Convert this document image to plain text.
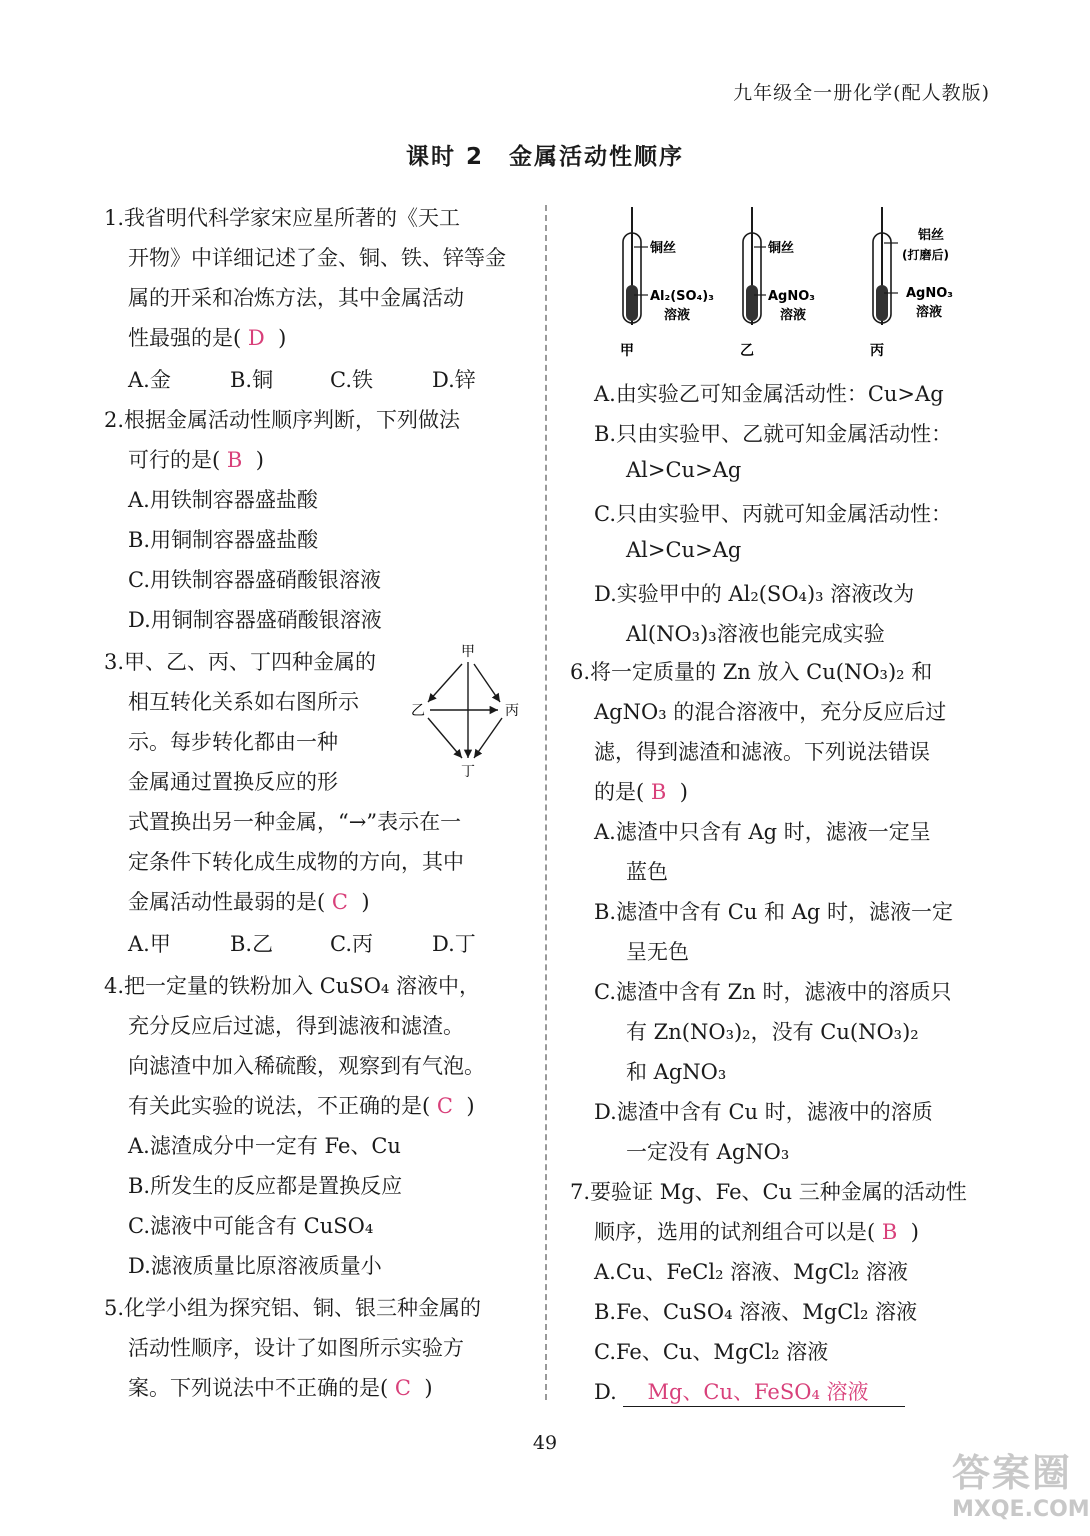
九年级全一册化学(配人教版)
课时 2　金属活动性顺序
1.我省明代科学家宋应星所著的《天工
开物》中详细记述了金、铜、铁、锌等金
属的开采和冶炼方法，其中金属活动
性最强的是( D )
A.金	B.铜	C.铁	D.锌
2.根据金属活动性顺序判断，下列做法
可行的是( B )
A.用铁制容器盛盐酸
B.用铜制容器盛盐酸
C.用铁制容器盛硝酸银溶液
D.用铜制容器盛硝酸银溶液
3.甲、乙、丙、丁四种金属的
相互转化关系如右图所示
示。每步转化都由一种
金属通过置换反应的形
式置换出另一种金属，“→”表示在一
定条件下转化成生成物的方向，其中
金属活动性最弱的是( C )
A.甲	B.乙	C.丙	D.丁
甲
乙	丙
丁
4.把一定量的铁粉加入 CuSO₄ 溶液中，
充分反应后过滤，得到滤液和滤渣。
向滤渣中加入稀硫酸，观察到有气泡。
有关此实验的说法，不正确的是( C )
A.滤渣成分中一定有 Fe、Cu
B.所发生的反应都是置换反应
C.滤液中可能含有 CuSO₄
D.滤液质量比原溶液质量小
5.化学小组为探究铝、铜、银三种金属的
活动性顺序，设计了如图所示实验方
案。下列说法中不正确的是( C )
铜丝
Al₂(SO₄)₃
溶液
甲
铜丝
AgNO₃
溶液
乙
铝丝
(打磨后)
AgNO₃
溶液
丙
A.由实验乙可知金属活动性：Cu>Ag
B.只由实验甲、乙就可知金属活动性：
Al>Cu>Ag
C.只由实验甲、丙就可知金属活动性：
Al>Cu>Ag
D.实验甲中的 Al₂(SO₄)₃ 溶液改为
Al(NO₃)₃溶液也能完成实验
6.将一定质量的 Zn 放入 Cu(NO₃)₂ 和
AgNO₃ 的混合溶液中，充分反应后过
滤，得到滤渣和滤液。下列说法错误
的是( B )
A.滤渣中只含有 Ag 时，滤液一定呈
蓝色
B.滤渣中含有 Cu 和 Ag 时，滤液一定
呈无色
C.滤渣中含有 Zn 时，滤液中的溶质只
有 Zn(NO₃)₂，没有 Cu(NO₃)₂
和 AgNO₃
D.滤渣中含有 Cu 时，滤液中的溶质
一定没有 AgNO₃
7.要验证 Mg、Fe、Cu 三种金属的活动性
顺序，选用的试剂组合可以是( B )
A.Cu、FeCl₂ 溶液、MgCl₂ 溶液
B.Fe、CuSO₄ 溶液、MgCl₂ 溶液
C.Fe、Cu、MgCl₂ 溶液
D. Mg、Cu、FeSO₄ 溶液
49
答案圈
MXQE.COM
